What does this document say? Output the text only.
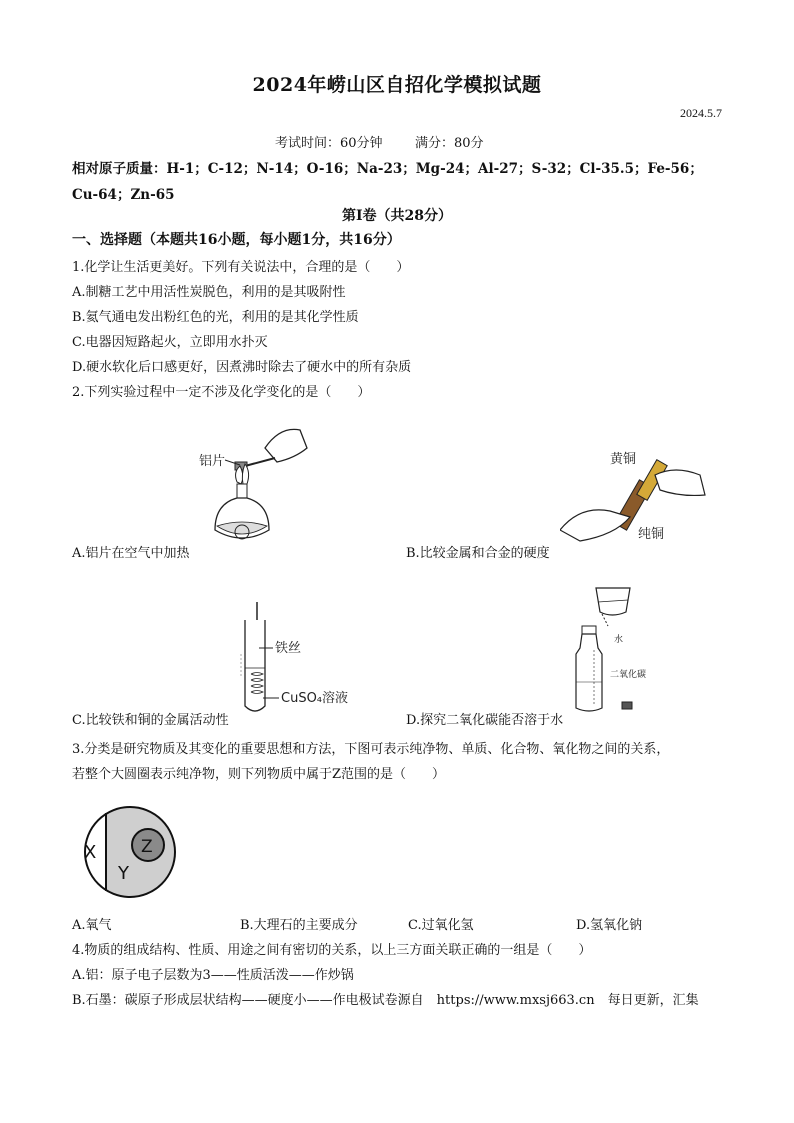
2024年崂山区自招化学模拟试题
2024.5.7
考试时间：60分钟 满分：80分
相对原子质量：H-1；C-12；N-14；O-16；Na-23；Mg-24；Al-27；S-32；Cl-35.5；Fe-56；
Cu-64；Zn-65
第Ⅰ卷（共28分）
一、选择题（本题共16小题，每小题1分，共16分）
1.化学让生活更美好。下列有关说法中，合理的是（　　）
A.制糖工艺中用活性炭脱色，利用的是其吸附性
B.氦气通电发出粉红色的光，利用的是其化学性质
C.电器因短路起火，立即用水扑灭
D.硬水软化后口感更好，因煮沸时除去了硬水中的所有杂质
2.下列实验过程中一定不涉及化学变化的是（　　）
铝片	黄铜
纯铜
A.铝片在空气中加热	B.比较金属和合金的硬度
铁丝
CuSO₄溶液
水
二氧化碳
C.比较铁和铜的金属活动性	D.探究二氧化碳能否溶于水
3.分类是研究物质及其变化的重要思想和方法，下图可表示纯净物、单质、化合物、氧化物之间的关系，
若整个大圆圈表示纯净物，则下列物质中属于Z范围的是（　　）
X
Y
Z
A.氧气	B.大理石的主要成分	C.过氧化氢	D.氢氧化钠
4.物质的组成结构、性质、用途之间有密切的关系，以上三方面关联正确的一组是（　　）
A.铝：原子电子层数为3——性质活泼——作炒锅
B.石墨：碳原子形成层状结构——硬度小——作电极试卷源自　https://www.mxsj663.cn　每日更新，汇集
